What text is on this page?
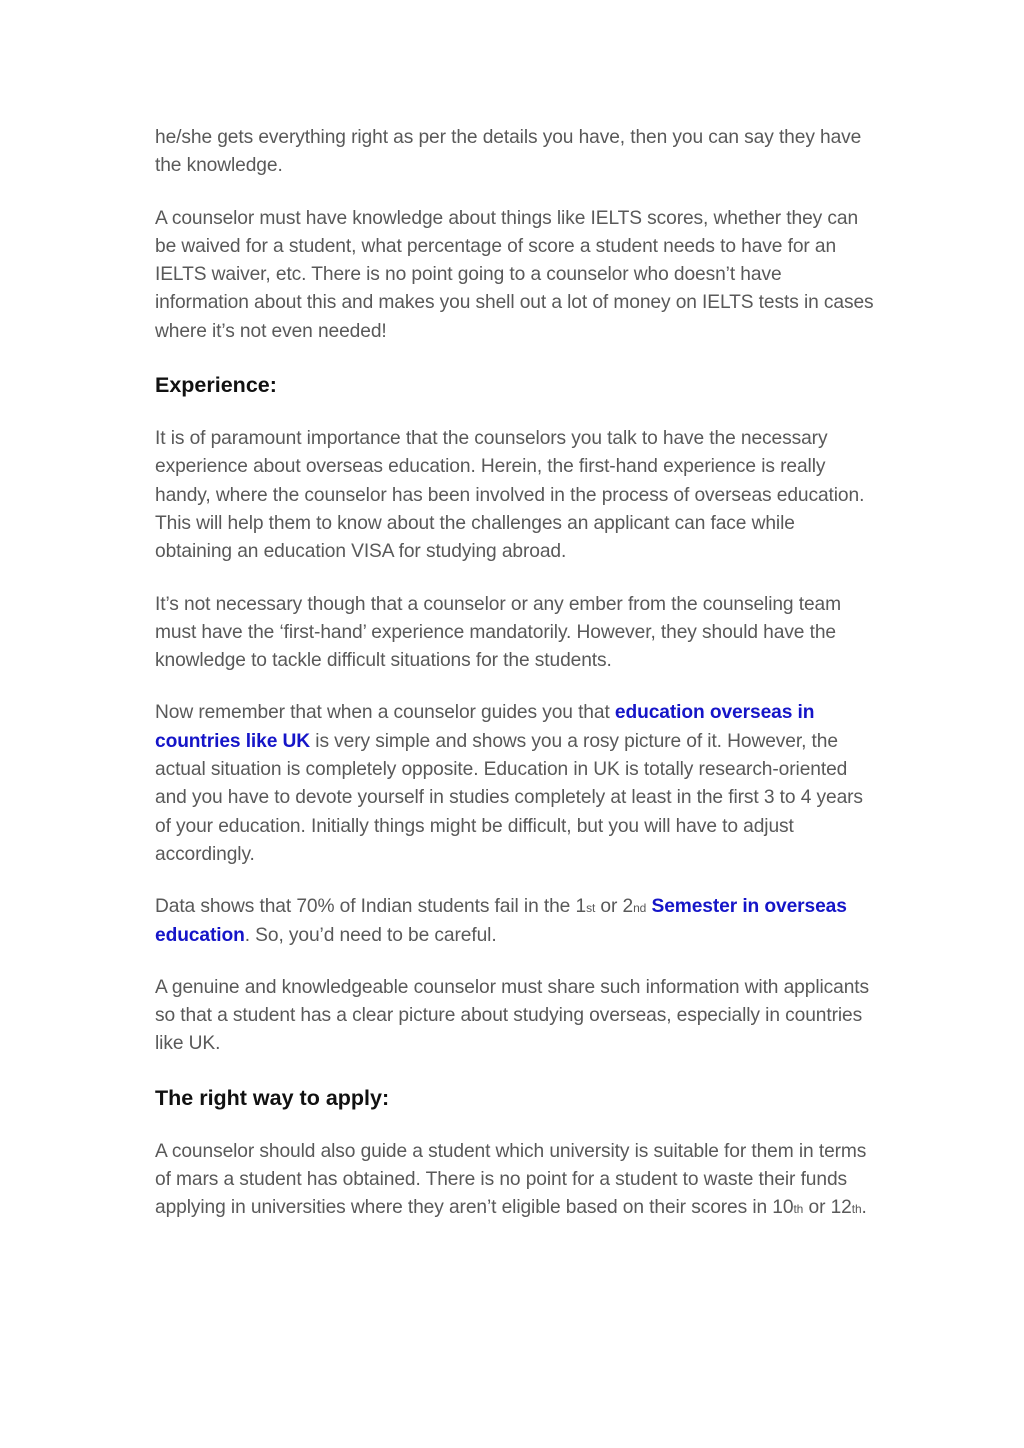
he/she gets everything right as per the details you have, then you can say they have the knowledge.

A counselor must have knowledge about things like IELTS scores, whether they can be waived for a student, what percentage of score a student needs to have for an IELTS waiver, etc. There is no point going to a counselor who doesn’t have information about this and makes you shell out a lot of money on IELTS tests in cases where it’s not even needed!

Experience:

It is of paramount importance that the counselors you talk to have the necessary experience about overseas education. Herein, the first-hand experience is really handy, where the counselor has been involved in the process of overseas education. This will help them to know about the challenges an applicant can face while obtaining an education VISA for studying abroad.

It’s not necessary though that a counselor or any ember from the counseling team must have the ‘first-hand’ experience mandatorily. However, they should have the knowledge to tackle difficult situations for the students.

Now remember that when a counselor guides you that education overseas in countries like UK is very simple and shows you a rosy picture of it. However, the actual situation is completely opposite. Education in UK is totally research-oriented and you have to devote yourself in studies completely at least in the first 3 to 4 years of your education. Initially things might be difficult, but you will have to adjust accordingly.

Data shows that 70% of Indian students fail in the 1st or 2nd Semester in overseas education. So, you’d need to be careful.

A genuine and knowledgeable counselor must share such information with applicants so that a student has a clear picture about studying overseas, especially in countries like UK.

The right way to apply:

A counselor should also guide a student which university is suitable for them in terms of mars a student has obtained. There is no point for a student to waste their funds applying in universities where they aren’t eligible based on their scores in 10th or 12th.
